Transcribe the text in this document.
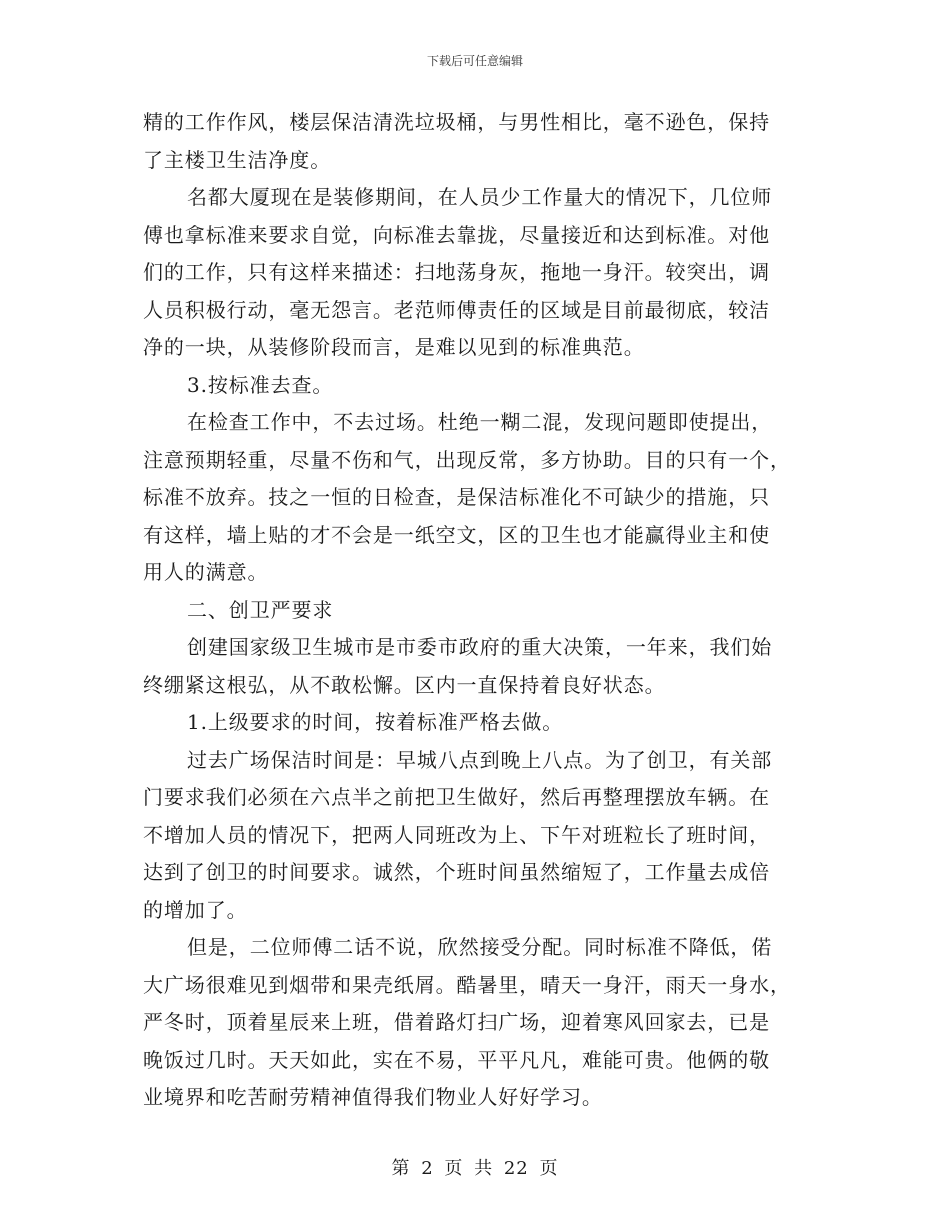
下载后可任意编辑
精的工作作风，楼层保洁清洗垃圾桶，与男性相比，毫不逊色，保持
了主楼卫生洁净度。
名都大厦现在是装修期间，在人员少工作量大的情况下，几位师
傅也拿标准来要求自觉，向标准去靠拢，尽量接近和达到标准。对他
们的工作，只有这样来描述：扫地荡身灰，拖地一身汗。较突出，调
人员积极行动，毫无怨言。老范师傅责任的区域是目前最彻底，较洁
净的一块，从装修阶段而言，是难以见到的标准典范。
3.按标准去查。
在检查工作中，不去过场。杜绝一糊二混，发现问题即使提出，
注意预期轻重，尽量不伤和气，出现反常，多方协助。目的只有一个，
标准不放弃。技之一恒的日检查，是保洁标准化不可缺少的措施，只
有这样，墙上贴的才不会是一纸空文，区的卫生也才能赢得业主和使
用人的满意。
二、创卫严要求
创建国家级卫生城市是市委市政府的重大决策，一年来，我们始
终绷紧这根弘，从不敢松懈。区内一直保持着良好状态。
1.上级要求的时间，按着标准严格去做。
过去广场保洁时间是：早城八点到晚上八点。为了创卫，有关部
门要求我们必须在六点半之前把卫生做好，然后再整理摆放车辆。在
不增加人员的情况下，把两人同班改为上、下午对班粒长了班时间，
达到了创卫的时间要求。诚然，个班时间虽然缩短了，工作量去成倍
的增加了。
但是，二位师傅二话不说，欣然接受分配。同时标准不降低，偌
大广场很难见到烟带和果壳纸屑。酷暑里，晴天一身汗，雨天一身水，
严冬时，顶着星辰来上班，借着路灯扫广场，迎着寒风回家去，已是
晚饭过几时。天天如此，实在不易，平平凡凡，难能可贵。他俩的敬
业境界和吃苦耐劳精神值得我们物业人好好学习。
第 2 页 共 22 页
